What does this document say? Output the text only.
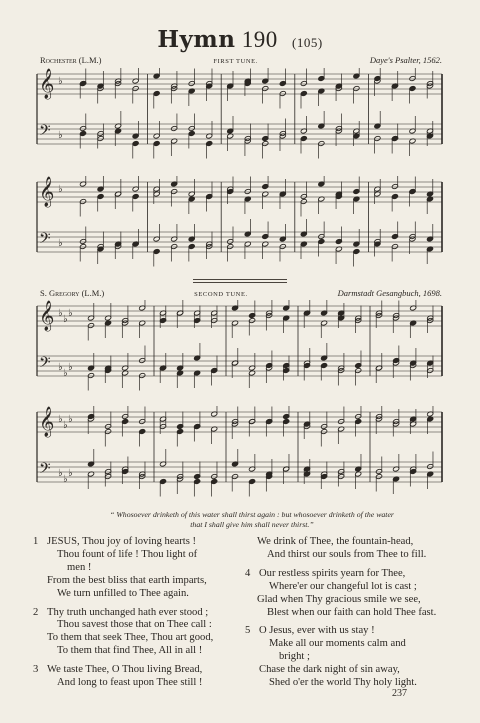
Hymn 190 (105)
Rochester (L.M.)	FIRST TUNE.	Daye's Psalter, 1562.
𝄞 ♭
𝄢 ♭
𝄞 ♭
𝄢 ♭
S. Gregory (L.M.)	SECOND TUNE.	Darmstadt Gesangbuch, 1698.
𝄞 ♭
♭
♭
𝄢 ♭
♭
♭
𝄞 ♭
♭
♭
𝄢 ♭
♭
♭
“ Whosoever drinketh of this water shall thirst again : but whosoever drinketh of the water
that I shall give him shall never thirst.”
1 JESUS, Thou joy of loving hearts !
Thou fount of life ! Thou light of
men !
From the best bliss that earth imparts,
We turn unfilled to Thee again.
2 Thy truth unchanged hath ever stood ;
Thou savest those that on Thee call :
To them that seek Thee, Thou art good,
To them that find Thee, All in all !
3 We taste Thee, O Thou living Bread,
And long to feast upon Thee still !
We drink of Thee, the fountain-head,
And thirst our souls from Thee to fill.
4 Our restless spirits yearn for Thee,
Where'er our changeful lot is cast ;
Glad when Thy gracious smile we see,
Blest when our faith can hold Thee fast.
5 O Jesus, ever with us stay !
Make all our moments calm and
bright ;
Chase the dark night of sin away,
Shed o'er the world Thy holy light.
237
